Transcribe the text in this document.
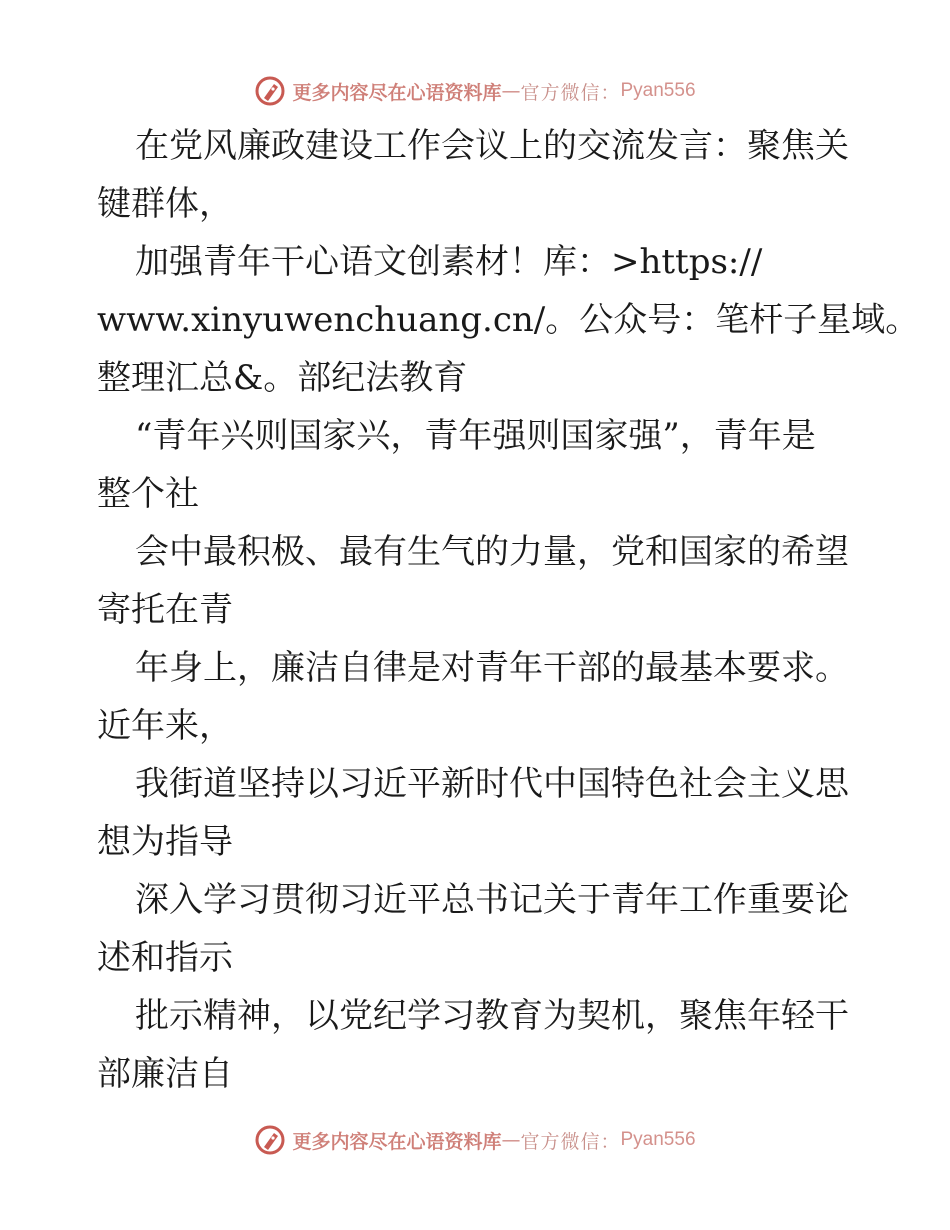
更多内容尽在心语资料库 — 官方微信： Pyan556
在党风廉政建设工作会议上的交流发言：聚焦关
键群体，
加强青年干心语文创素材！库：>https://
www.xinyuwenchuang.cn/。公众号：笔杆子星域。
整理汇总&。部纪法教育
“青年兴则国家兴，青年强则国家强”，青年是
整个社
会中最积极、最有生气的力量，党和国家的希望
寄托在青
年身上，廉洁自律是对青年干部的最基本要求。
近年来，
我街道坚持以习近平新时代中国特色社会主义思
想为指导
深入学习贯彻习近平总书记关于青年工作重要论
述和指示
批示精神，以党纪学习教育为契机，聚焦年轻干
部廉洁自
更多内容尽在心语资料库 — 官方微信： Pyan556
